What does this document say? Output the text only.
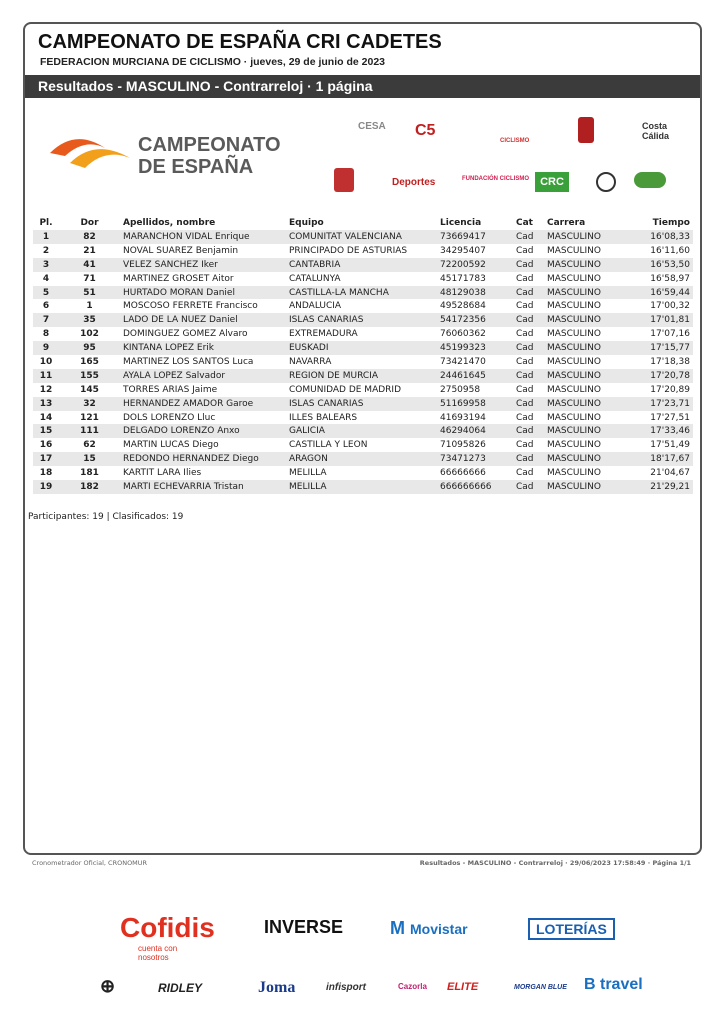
CAMPEONATO DE ESPAÑA CRI CADETES
FEDERACION MURCIANA DE CICLISMO · jueves, 29 de junio de 2023
Resultados - MASCULINO - Contrarreloj · 1 página
CAMPEONATO
DE ESPAÑA
CESA C5
CICLISMO
Costa Cálida
Deportes	FUNDACIÓN CICLISMO	CRC
Pl.	Dor	Apellidos, nombre	Equipo	Licencia	Cat	Carrera	Tiempo
1	82	MARANCHON VIDAL Enrique	COMUNITAT VALENCIANA	73669417	Cad	MASCULINO	16'08,33
2	21	NOVAL SUAREZ Benjamin	PRINCIPADO DE ASTURIAS	34295407	Cad	MASCULINO	16'11,60
3	41	VELEZ SANCHEZ Iker	CANTABRIA	72200592	Cad	MASCULINO	16'53,50
4	71	MARTINEZ GROSET Aitor	CATALUNYA	45171783	Cad	MASCULINO	16'58,97
5	51	HURTADO MORAN Daniel	CASTILLA-LA MANCHA	48129038	Cad	MASCULINO	16'59,44
6	1	MOSCOSO FERRETE Francisco	ANDALUCIA	49528684	Cad	MASCULINO	17'00,32
7	35	LADO DE LA NUEZ Daniel	ISLAS CANARIAS	54172356	Cad	MASCULINO	17'01,81
8	102	DOMINGUEZ GOMEZ Alvaro	EXTREMADURA	76060362	Cad	MASCULINO	17'07,16
9	95	KINTANA LOPEZ Erik	EUSKADI	45199323	Cad	MASCULINO	17'15,77
10	165	MARTINEZ LOS SANTOS Luca	NAVARRA	73421470	Cad	MASCULINO	17'18,38
11	155	AYALA LOPEZ Salvador	REGION DE MURCIA	24461645	Cad	MASCULINO	17'20,78
12	145	TORRES ARIAS Jaime	COMUNIDAD DE MADRID	2750958	Cad	MASCULINO	17'20,89
13	32	HERNANDEZ AMADOR Garoe	ISLAS CANARIAS	51169958	Cad	MASCULINO	17'23,71
14	121	DOLS LORENZO Lluc	ILLES BALEARS	41693194	Cad	MASCULINO	17'27,51
15	111	DELGADO LORENZO Anxo	GALICIA	46294064	Cad	MASCULINO	17'33,46
16	62	MARTIN LUCAS Diego	CASTILLA Y LEON	71095826	Cad	MASCULINO	17'51,49
17	15	REDONDO HERNANDEZ Diego	ARAGON	73471273	Cad	MASCULINO	18'17,67
18	181	KARTIT LARA Ilies	MELILLA	66666666	Cad	MASCULINO	21'04,67
19	182	MARTI ECHEVARRIA Tristan	MELILLA	666666666	Cad	MASCULINO	21'29,21
Participantes: 19 | Clasificados: 19
Cronometrador Oficial, CRONOMUR	Resultados - MASCULINO - Contrarreloj · 29/06/2023 17:58:49 · Página 1/1
Cofidis
cuenta con nosotros
INVERSE	M Movistar	LOTERÍAS
⊕	RIDLEY	Joma	infisport	Cazorla ELITE	MORGAN BLUE B travel
